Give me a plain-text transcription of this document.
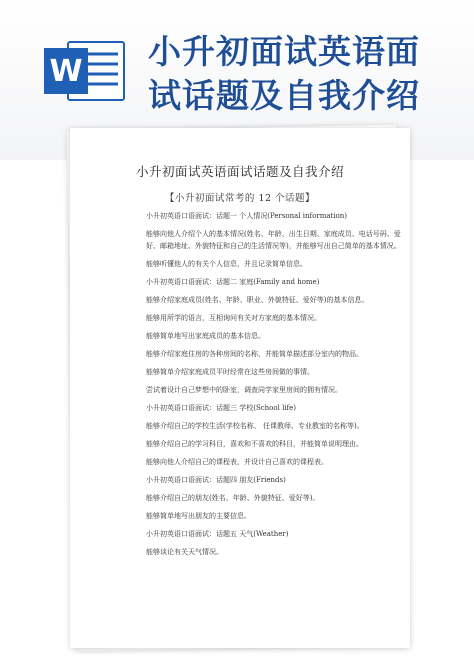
W
小升初面试英语面
试话题及自我介绍
小升初面试英语面试话题及自我介绍
【小升初面试常考的 12 个话题】

小升初英语口语面试：话题一 个人情况(Personal information)

能够向他人介绍个人的基本情况(姓名、年龄、出生日期、家庭成员、电话号码、爱好、邮箱地址、外貌特征和自己的生活情况等)，并能够写出自己简单的基本情况。

能够听懂他人的有关个人信息，并且记录简单信息。

小升初英语口语面试：话题二 家庭(Family and home)

能够介绍家庭成员(姓名、年龄、职业、外貌特征、爱好等)的基本信息。

能够用所学的语言，互相询问有关对方家庭的基本情况。

能够简单地写出家庭成员的基本信息。

能够介绍家庭住房的各种房间的名称，并能简单描述部分室内的物品。

能够简单介绍家庭成员平时经常在这些房间做的事情。

尝试着设计自己梦想中的卧室，调查同学家里房间的拥有情况。

小升初英语口语面试：话题三 学校(School life)

能够介绍自己的学校生活(学校名称、 任课教师、专业教室的名称等)。

能够介绍自己的学习科目，喜欢和不喜欢的科目，并能简单说明理由。

能够向他人介绍自己的课程表，并设计自己喜欢的课程表。

小升初英语口语面试：话题四 朋友(Friends)

能够介绍自己的朋友(姓名、年龄、外貌特征、爱好等)。

能够简单地写出朋友的主要信息。

小升初英语口语面试：话题五 天气(Weather)

能够谈论有关天气情况。
